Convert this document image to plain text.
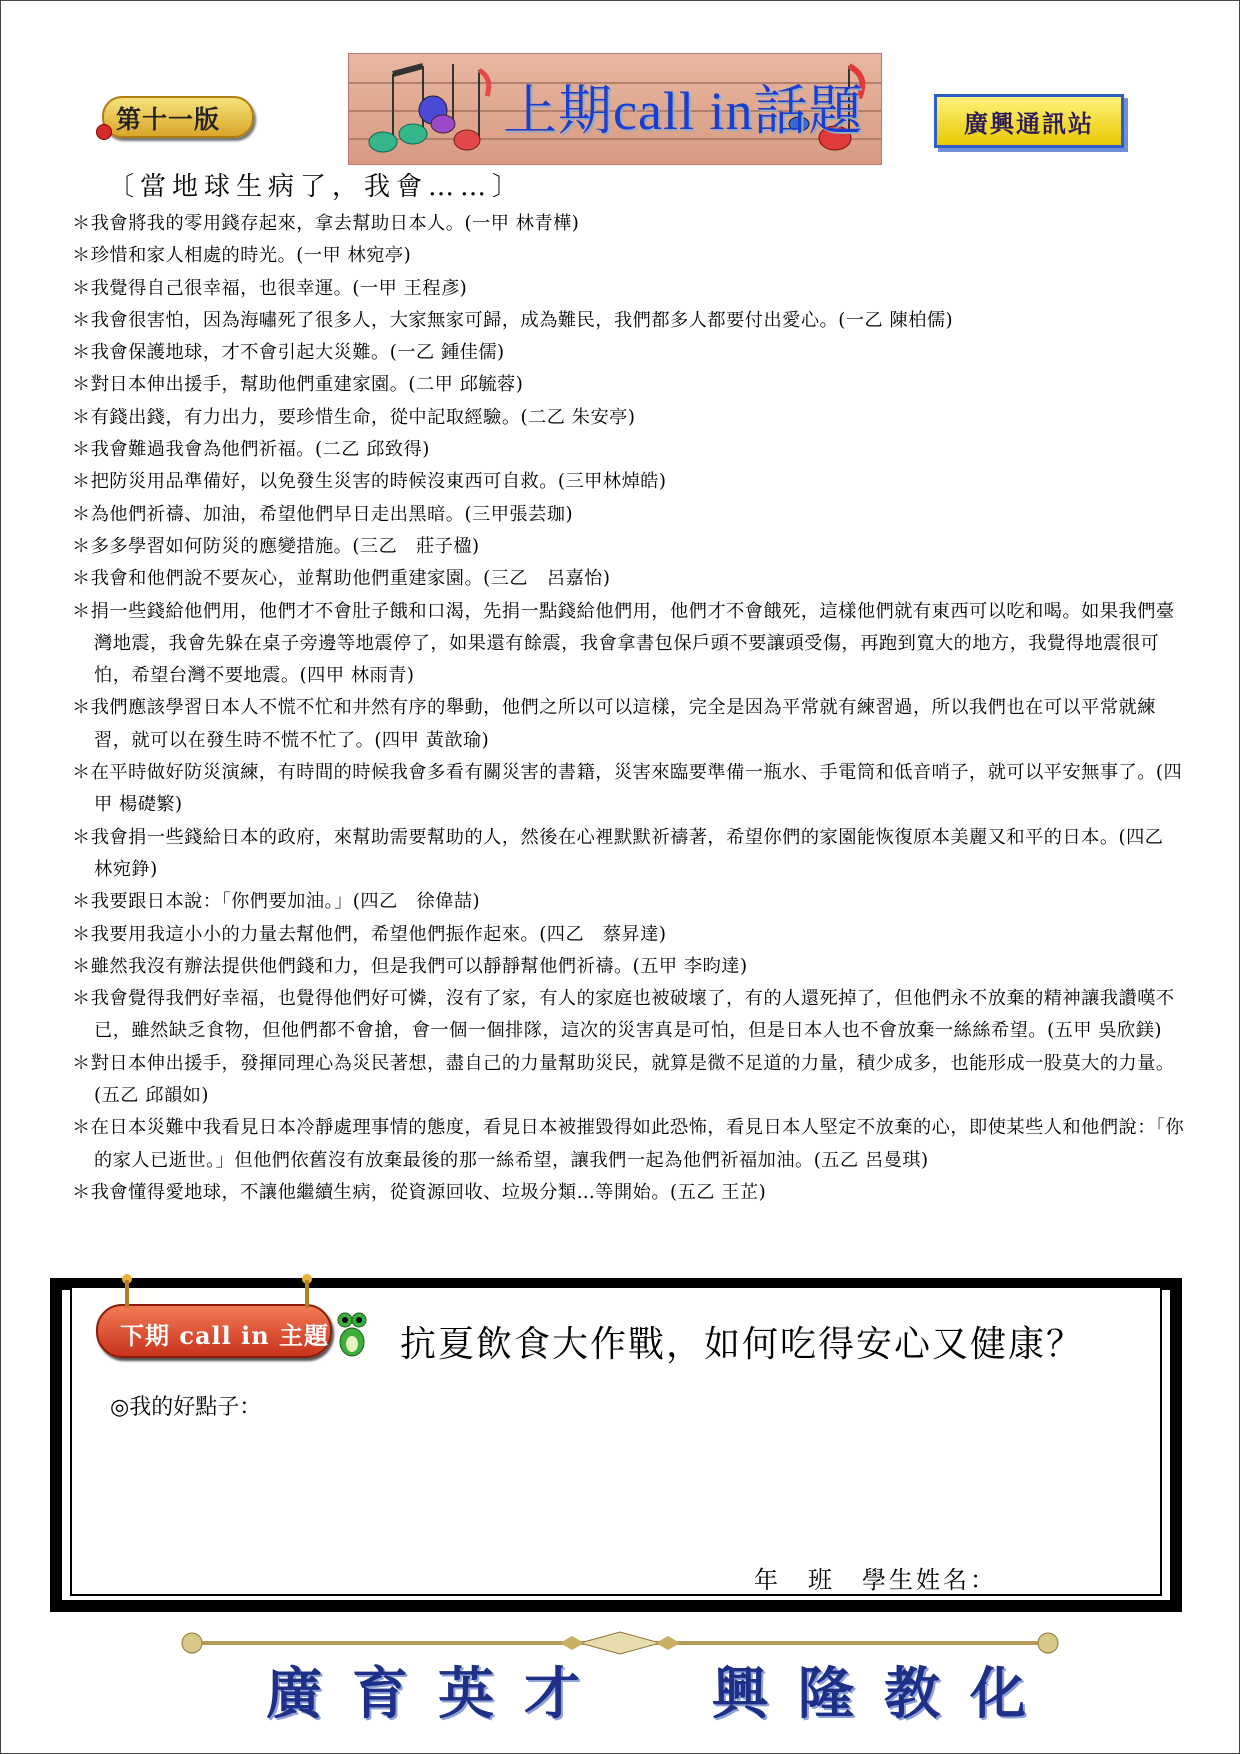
第十一版	上期call in話題	廣興通訊站
〔當地球生病了，我會……〕
＊我會將我的零用錢存起來，拿去幫助日本人。(一甲 林青樺)
＊珍惜和家人相處的時光。(一甲 林宛亭)
＊我覺得自己很幸福，也很幸運。(一甲 王程彥)
＊我會很害怕，因為海嘯死了很多人，大家無家可歸，成為難民，我們都多人都要付出愛心。(一乙 陳柏儒)
＊我會保護地球，才不會引起大災難。(一乙 鍾佳儒)
＊對日本伸出援手，幫助他們重建家園。(二甲 邱毓蓉)
＊有錢出錢，有力出力，要珍惜生命，從中記取經驗。(二乙 朱安亭)
＊我會難過我會為他們祈福。(二乙 邱致得)
＊把防災用品準備好，以免發生災害的時候沒東西可自救。(三甲林焯皓)
＊為他們祈禱、加油，希望他們早日走出黑暗。(三甲張芸珈)
＊多多學習如何防災的應變措施。(三乙　莊子楹)
＊我會和他們說不要灰心，並幫助他們重建家園。(三乙　呂嘉怡)
＊捐一些錢給他們用，他們才不會肚子餓和口渴，先捐一點錢給他們用，他們才不會餓死，這樣他們就有東西可以吃和喝。如果我們臺灣地震，我會先躲在桌子旁邊等地震停了，如果還有餘震，我會拿書包保戶頭不要讓頭受傷，再跑到寬大的地方，我覺得地震很可怕，希望台灣不要地震。(四甲 林雨青)
＊我們應該學習日本人不慌不忙和井然有序的舉動，他們之所以可以這樣，完全是因為平常就有練習過，所以我們也在可以平常就練習，就可以在發生時不慌不忙了。(四甲 黃歆瑜)
＊在平時做好防災演練，有時間的時候我會多看有關災害的書籍，災害來臨要準備一瓶水、手電筒和低音哨子，就可以平安無事了。(四甲 楊礎繁)
＊我會捐一些錢給日本的政府，來幫助需要幫助的人，然後在心裡默默祈禱著，希望你們的家園能恢復原本美麗又和平的日本。(四乙　林宛錚)
＊我要跟日本說：「你們要加油。」(四乙　徐偉喆)
＊我要用我這小小的力量去幫他們，希望他們振作起來。(四乙　蔡昇達)
＊雖然我沒有辦法提供他們錢和力，但是我們可以靜靜幫他們祈禱。(五甲 李昀達)
＊我會覺得我們好幸福，也覺得他們好可憐，沒有了家，有人的家庭也被破壞了，有的人還死掉了，但他們永不放棄的精神讓我讚嘆不已，雖然缺乏食物，但他們都不會搶，會一個一個排隊，這次的災害真是可怕，但是日本人也不會放棄一絲絲希望。(五甲 吳欣鎂)
＊對日本伸出援手，發揮同理心為災民著想，盡自己的力量幫助災民，就算是微不足道的力量，積少成多，也能形成一股莫大的力量。(五乙 邱韻如)
＊在日本災難中我看見日本冷靜處理事情的態度，看見日本被摧毀得如此恐怖，看見日本人堅定不放棄的心，即使某些人和他們說：「你的家人已逝世。」但他們依舊沒有放棄最後的那一絲希望，讓我們一起為他們祈福加油。(五乙 呂曼琪)
＊我會懂得愛地球，不讓他繼續生病，從資源回收、垃圾分類…等開始。(五乙 王芷)
下期 call in 主題 抗夏飲食大作戰，如何吃得安心又健康？
◎我的好點子：
年　班　學生姓名：
廣育英才 興隆教化
